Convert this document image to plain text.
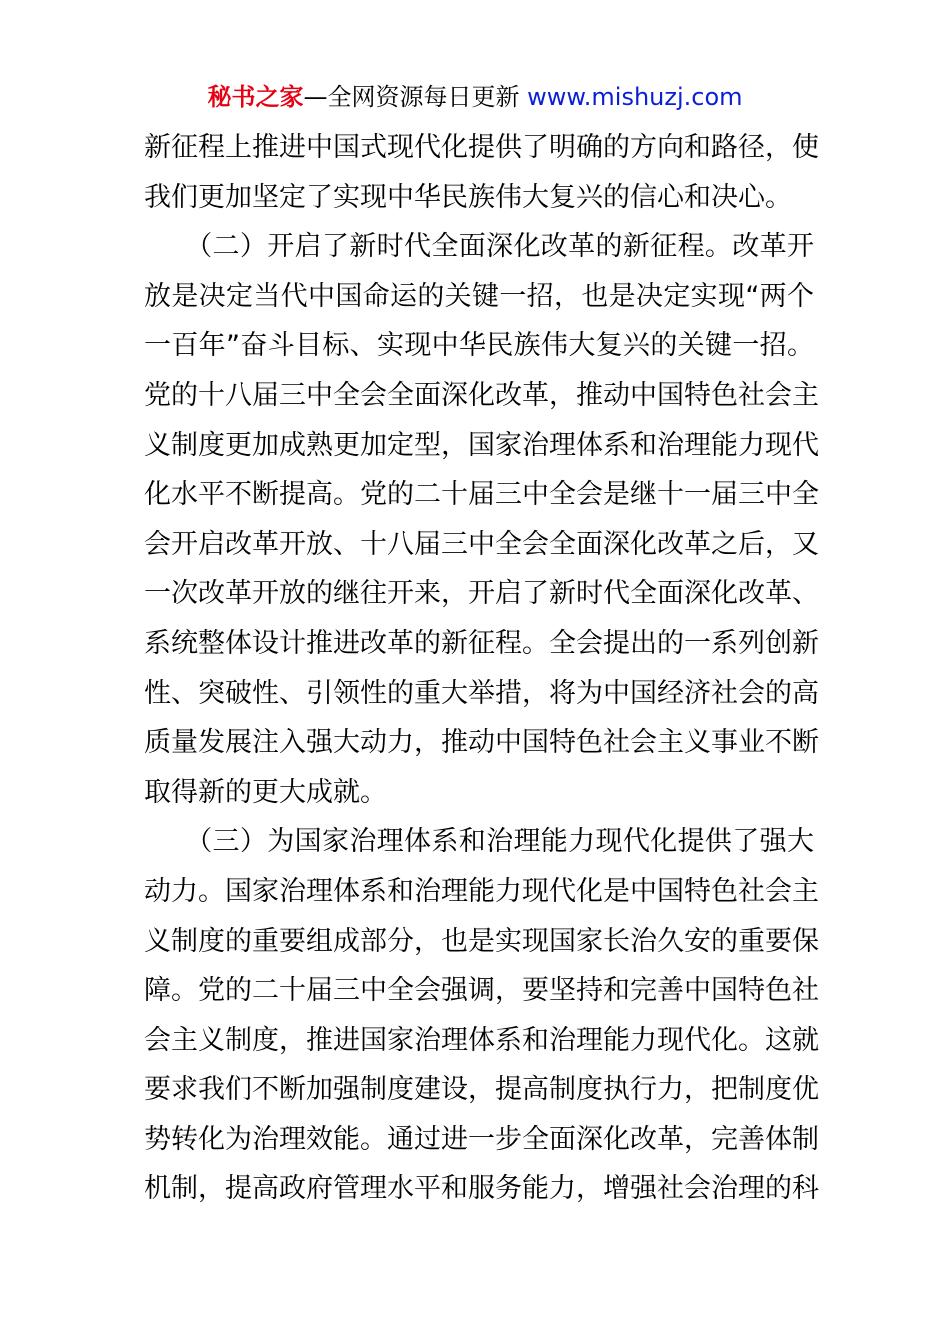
秘书之家—全网资源每日更新 www.mishuzj.com
新征程上推进中国式现代化提供了明确的方向和路径，使
我们更加坚定了实现中华民族伟大复兴的信心和决心。
　　（二）开启了新时代全面深化改革的新征程。改革开
放是决定当代中国命运的关键一招，也是决定实现“两个
一百年”奋斗目标、实现中华民族伟大复兴的关键一招。
党的十八届三中全会全面深化改革，推动中国特色社会主
义制度更加成熟更加定型，国家治理体系和治理能力现代
化水平不断提高。党的二十届三中全会是继十一届三中全
会开启改革开放、十八届三中全会全面深化改革之后，又
一次改革开放的继往开来，开启了新时代全面深化改革、
系统整体设计推进改革的新征程。全会提出的一系列创新
性、突破性、引领性的重大举措，将为中国经济社会的高
质量发展注入强大动力，推动中国特色社会主义事业不断
取得新的更大成就。
　　（三）为国家治理体系和治理能力现代化提供了强大
动力。国家治理体系和治理能力现代化是中国特色社会主
义制度的重要组成部分，也是实现国家长治久安的重要保
障。党的二十届三中全会强调，要坚持和完善中国特色社
会主义制度，推进国家治理体系和治理能力现代化。这就
要求我们不断加强制度建设，提高制度执行力，把制度优
势转化为治理效能。通过进一步全面深化改革，完善体制
机制，提高政府管理水平和服务能力，增强社会治理的科
